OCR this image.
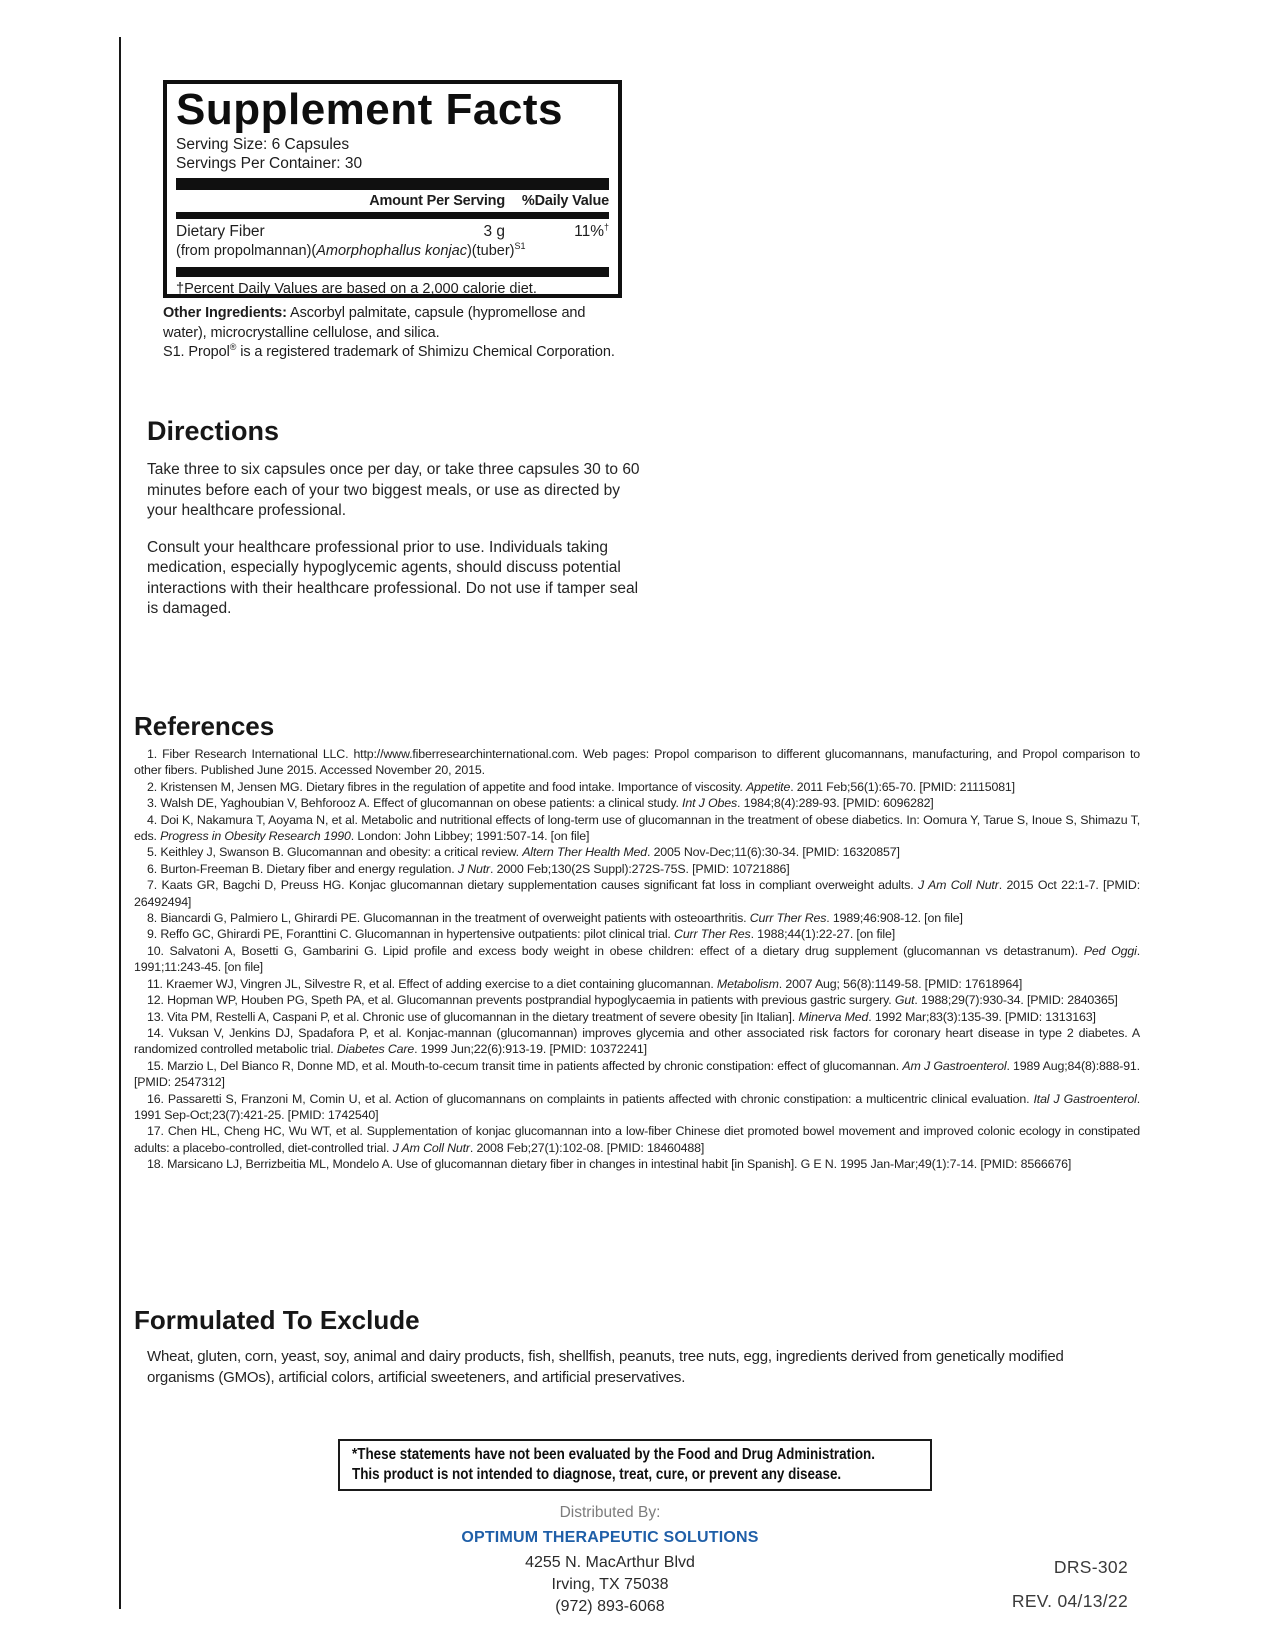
Supplement Facts
Serving Size: 6 Capsules
Servings Per Container: 30
Amount Per Serving	%Daily Value
Dietary Fiber	3 g	11%†
(from propolmannan)(Amorphophallus konjac)(tuber)$^{S1}$
†Percent Daily Values are based on a 2,000 calorie diet.
Other Ingredients: Ascorbyl palmitate, capsule (hypromellose and water), microcrystalline cellulose, and silica.
S1. Propol® is a registered trademark of Shimizu Chemical Corporation.
Directions

Take three to six capsules once per day, or take three capsules 30 to 60 minutes before each of your two biggest meals, or use as directed by your healthcare professional.

Consult your healthcare professional prior to use. Individuals taking medication, especially hypoglycemic agents, should discuss potential interactions with their healthcare professional. Do not use if tamper seal is damaged.

References

1. Fiber Research International LLC. http://www.fiberresearchinternational.com. Web pages: Propol comparison to different glucomannans, manufacturing, and Propol comparison to other fibers. Published June 2015. Accessed November 20, 2015.

2. Kristensen M, Jensen MG. Dietary fibres in the regulation of appetite and food intake. Importance of viscosity. Appetite. 2011 Feb;56(1):65-70. [PMID: 21115081]

3. Walsh DE, Yaghoubian V, Behforooz A. Effect of glucomannan on obese patients: a clinical study. Int J Obes. 1984;8(4):289-93. [PMID: 6096282]

4. Doi K, Nakamura T, Aoyama N, et al. Metabolic and nutritional effects of long-term use of glucomannan in the treatment of obese diabetics. In: Oomura Y, Tarue S, Inoue S, Shimazu T, eds. Progress in Obesity Research 1990. London: John Libbey; 1991:507-14. [on file]

5. Keithley J, Swanson B. Glucomannan and obesity: a critical review. Altern Ther Health Med. 2005 Nov-Dec;11(6):30-34. [PMID: 16320857]

6. Burton-Freeman B. Dietary fiber and energy regulation. J Nutr. 2000 Feb;130(2S Suppl):272S-75S. [PMID: 10721886]

7. Kaats GR, Bagchi D, Preuss HG. Konjac glucomannan dietary supplementation causes significant fat loss in compliant overweight adults. J Am Coll Nutr. 2015 Oct 22:1-7. [PMID: 26492494]

8. Biancardi G, Palmiero L, Ghirardi PE. Glucomannan in the treatment of overweight patients with osteoarthritis. Curr Ther Res. 1989;46:908-12. [on file]

9. Reffo GC, Ghirardi PE, Foranttini C. Glucomannan in hypertensive outpatients: pilot clinical trial. Curr Ther Res. 1988;44(1):22-27. [on file]

10. Salvatoni A, Bosetti G, Gambarini G. Lipid profile and excess body weight in obese children: effect of a dietary drug supplement (glucomannan vs detastranum). Ped Oggi. 1991;11:243-45. [on file]

11. Kraemer WJ, Vingren JL, Silvestre R, et al. Effect of adding exercise to a diet containing glucomannan. Metabolism. 2007 Aug; 56(8):1149-58. [PMID: 17618964]

12. Hopman WP, Houben PG, Speth PA, et al. Glucomannan prevents postprandial hypoglycaemia in patients with previous gastric surgery. Gut. 1988;29(7):930-34. [PMID: 2840365]

13. Vita PM, Restelli A, Caspani P, et al. Chronic use of glucomannan in the dietary treatment of severe obesity [in Italian]. Minerva Med. 1992 Mar;83(3):135-39. [PMID: 1313163]

14. Vuksan V, Jenkins DJ, Spadafora P, et al. Konjac-mannan (glucomannan) improves glycemia and other associated risk factors for coronary heart disease in type 2 diabetes. A randomized controlled metabolic trial. Diabetes Care. 1999 Jun;22(6):913-19. [PMID: 10372241]

15. Marzio L, Del Bianco R, Donne MD, et al. Mouth-to-cecum transit time in patients affected by chronic constipation: effect of glucomannan. Am J Gastroenterol. 1989 Aug;84(8):888-91. [PMID: 2547312]

16. Passaretti S, Franzoni M, Comin U, et al. Action of glucomannans on complaints in patients affected with chronic constipation: a multicentric clinical evaluation. Ital J Gastroenterol. 1991 Sep-Oct;23(7):421-25. [PMID: 1742540]

17. Chen HL, Cheng HC, Wu WT, et al. Supplementation of konjac glucomannan into a low-fiber Chinese diet promoted bowel movement and improved colonic ecology in constipated adults: a placebo-controlled, diet-controlled trial. J Am Coll Nutr. 2008 Feb;27(1):102-08. [PMID: 18460488]

18. Marsicano LJ, Berrizbeitia ML, Mondelo A. Use of glucomannan dietary fiber in changes in intestinal habit [in Spanish]. G E N. 1995 Jan-Mar;49(1):7-14. [PMID: 8566676]

Formulated To Exclude

Wheat, gluten, corn, yeast, soy, animal and dairy products, fish, shellfish, peanuts, tree nuts, egg, ingredients derived from genetically modified organisms (GMOs), artificial colors, artificial sweeteners, and artificial preservatives.

*These statements have not been evaluated by the Food and Drug Administration.
This product is not intended to diagnose, treat, cure, or prevent any disease.
Distributed By:
OPTIMUM THERAPEUTIC SOLUTIONS
4255 N. MacArthur Blvd
Irving, TX 75038
(972) 893-6068
DRS-302
REV. 04/13/22
